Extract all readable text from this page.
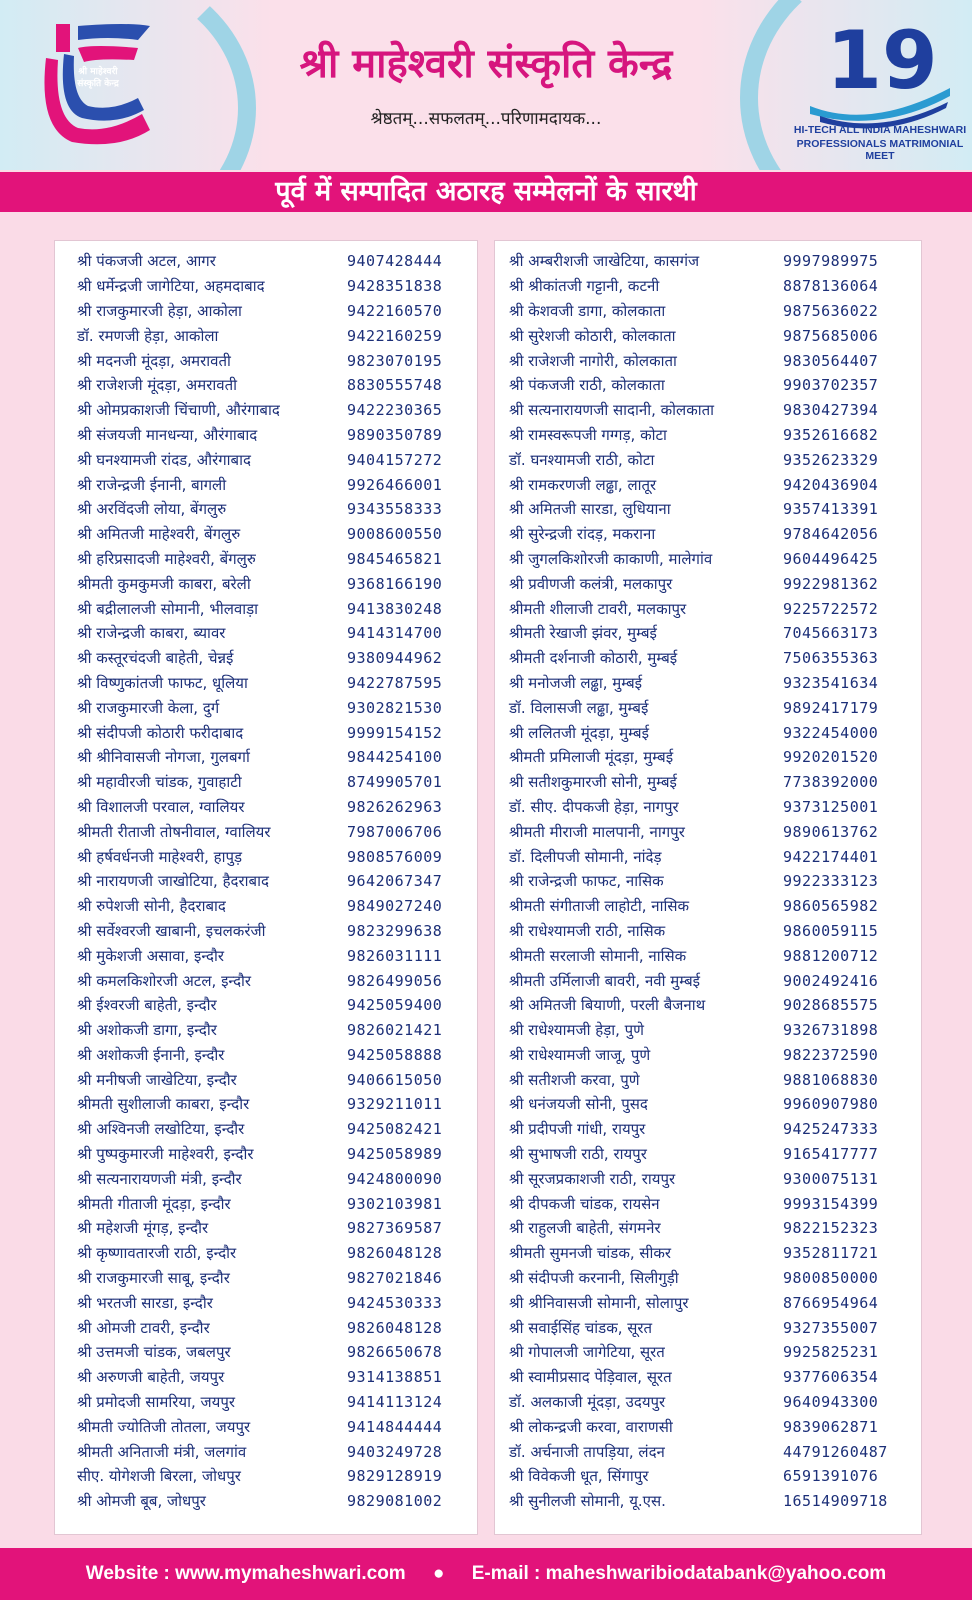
श्री माहेश्वरी
संस्कृति केन्द्र	श्री माहेश्वरी संस्कृति केन्द्र
श्रेष्ठतम्...सफलतम्...परिणामदायक...
19
HI-TECH ALL INDIA MAHESHWARI
PROFESSIONALS MATRIMONIAL MEET
पूर्व में सम्पादित अठारह सम्मेलनों के सारथी
श्री पंकजजी अटल, आगर	9407428444
श्री धर्मेन्द्रजी जागेटिया, अहमदाबाद	9428351838
श्री राजकुमारजी हेड़ा, आकोला	9422160570
डॉ. रमणजी हेड़ा, आकोला	9422160259
श्री मदनजी मूंदड़ा, अमरावती	9823070195
श्री राजेशजी मूंदड़ा, अमरावती	8830555748
श्री ओमप्रकाशजी चिंचाणी, औरंगाबाद	9422230365
श्री संजयजी मानधन्या, औरंगाबाद	9890350789
श्री घनश्यामजी रांदड, औरंगाबाद	9404157272
श्री राजेन्द्रजी ईनानी, बागली	9926466001
श्री अरविंदजी लोया, बेंगलुरु	9343558333
श्री अमितजी माहेश्वरी, बेंगलुरु	9008600550
श्री हरिप्रसादजी माहेश्वरी, बेंगलुरु	9845465821
श्रीमती कुमकुमजी काबरा, बरेली	9368166190
श्री बद्रीलालजी सोमानी, भीलवाड़ा	9413830248
श्री राजेन्द्रजी काबरा, ब्यावर	9414314700
श्री कस्तूरचंदजी बाहेती, चेन्नई	9380944962
श्री विष्णुकांतजी फाफट, धूलिया	9422787595
श्री राजकुमारजी केला, दुर्ग	9302821530
श्री संदीपजी कोठारी फरीदाबाद	9999154152
श्री श्रीनिवासजी नोगजा, गुलबर्गा	9844254100
श्री महावीरजी चांडक, गुवाहाटी	8749905701
श्री विशालजी परवाल, ग्वालियर	9826262963
श्रीमती रीताजी तोषनीवाल, ग्वालियर	7987006706
श्री हर्षवर्धनजी माहेश्वरी, हापुड़	9808576009
श्री नारायणजी जाखोटिया, हैदराबाद	9642067347
श्री रुपेशजी सोनी, हैदराबाद	9849027240
श्री सर्वेश्वरजी खाबानी, इचलकरंजी	9823299638
श्री मुकेशजी असावा, इन्दौर	9826031111
श्री कमलकिशोरजी अटल, इन्दौर	9826499056
श्री ईश्वरजी बाहेती, इन्दौर	9425059400
श्री अशोकजी डागा, इन्दौर	9826021421
श्री अशोकजी ईनानी, इन्दौर	9425058888
श्री मनीषजी जाखेटिया, इन्दौर	9406615050
श्रीमती सुशीलाजी काबरा, इन्दौर	9329211011
श्री अश्विनजी लखोटिया, इन्दौर	9425082421
श्री पुष्पकुमारजी माहेश्वरी, इन्दौर	9425058989
श्री सत्यनारायणजी मंत्री, इन्दौर	9424800090
श्रीमती गीताजी मूंदड़ा, इन्दौर	9302103981
श्री महेशजी मूंगड़, इन्दौर	9827369587
श्री कृष्णावतारजी राठी, इन्दौर	9826048128
श्री राजकुमारजी साबू, इन्दौर	9827021846
श्री भरतजी सारडा, इन्दौर	9424530333
श्री ओमजी टावरी, इन्दौर	9826048128
श्री उत्तमजी चांडक, जबलपुर	9826650678
श्री अरुणजी बाहेती, जयपुर	9314138851
श्री प्रमोदजी सामरिया, जयपुर	9414113124
श्रीमती ज्योतिजी तोतला, जयपुर	9414844444
श्रीमती अनिताजी मंत्री, जलगांव	9403249728
सीए. योगेशजी बिरला, जोधपुर	9829128919
श्री ओमजी बूब, जोधपुर	9829081002
श्री अम्बरीशजी जाखेटिया, कासगंज	9997989975
श्री श्रीकांतजी गट्टानी, कटनी	8878136064
श्री केशवजी डागा, कोलकाता	9875636022
श्री सुरेशजी कोठारी, कोलकाता	9875685006
श्री राजेशजी नागोरी, कोलकाता	9830564407
श्री पंकजजी राठी, कोलकाता	9903702357
श्री सत्यनारायणजी सादानी, कोलकाता	9830427394
श्री रामस्वरूपजी गग्गड़, कोटा	9352616682
डॉ. घनश्यामजी राठी, कोटा	9352623329
श्री रामकरणजी लढ्ढा, लातूर	9420436904
श्री अमितजी सारडा, लुधियाना	9357413391
श्री सुरेन्द्रजी रांदड़, मकराना	9784642056
श्री जुगलकिशोरजी काकाणी, मालेगांव	9604496425
श्री प्रवीणजी कलंत्री, मलकापुर	9922981362
श्रीमती शीलाजी टावरी, मलकापुर	9225722572
श्रीमती रेखाजी झंवर, मुम्बई	7045663173
श्रीमती दर्शनाजी कोठारी, मुम्बई	7506355363
श्री मनोजजी लढ्ढा, मुम्बई	9323541634
डॉ. विलासजी लढ्ढा, मुम्बई	9892417179
श्री ललितजी मूंदड़ा, मुम्बई	9322454000
श्रीमती प्रमिलाजी मूंदड़ा, मुम्बई	9920201520
श्री सतीशकुमारजी सोनी, मुम्बई	7738392000
डॉ. सीए. दीपकजी हेड़ा, नागपुर	9373125001
श्रीमती मीराजी मालपानी, नागपुर	9890613762
डॉ. दिलीपजी सोमानी, नांदेड़	9422174401
श्री राजेन्द्रजी फाफट, नासिक	9922333123
श्रीमती संगीताजी लाहोटी, नासिक	9860565982
श्री राधेश्यामजी राठी, नासिक	9860059115
श्रीमती सरलाजी सोमानी, नासिक	9881200712
श्रीमती उर्मिलाजी बावरी, नवी मुम्बई	9002492416
श्री अमितजी बियाणी, परली बैजनाथ	9028685575
श्री राधेश्यामजी हेड़ा, पुणे	9326731898
श्री राधेश्यामजी जाजू, पुणे	9822372590
श्री सतीशजी करवा, पुणे	9881068830
श्री धनंजयजी सोनी, पुसद	9960907980
श्री प्रदीपजी गांधी, रायपुर	9425247333
श्री सुभाषजी राठी, रायपुर	9165417777
श्री सूरजप्रकाशजी राठी, रायपुर	9300075131
श्री दीपकजी चांडक, रायसेन	9993154399
श्री राहुलजी बाहेती, संगमनेर	9822152323
श्रीमती सुमनजी चांडक, सीकर	9352811721
श्री संदीपजी करनानी, सिलीगुड़ी	9800850000
श्री श्रीनिवासजी सोमानी, सोलापुर	8766954964
श्री सवाईसिंह चांडक, सूरत	9327355007
श्री गोपालजी जागेटिया, सूरत	9925825231
श्री स्वामीप्रसाद पेड़िवाल, सूरत	9377606354
डॉ. अलकाजी मूंदड़ा, उदयपुर	9640943300
श्री लोकन्द्रजी करवा, वाराणसी	9839062871
डॉ. अर्चनाजी तापड़िया, लंदन	44791260487
श्री विवेकजी धूत, सिंगापुर	6591391076
श्री सुनीलजी सोमानी, यू.एस.	16514909718
Website : www.mymaheshwari.com ● E-mail : maheshwaribiodatabank@yahoo.com
